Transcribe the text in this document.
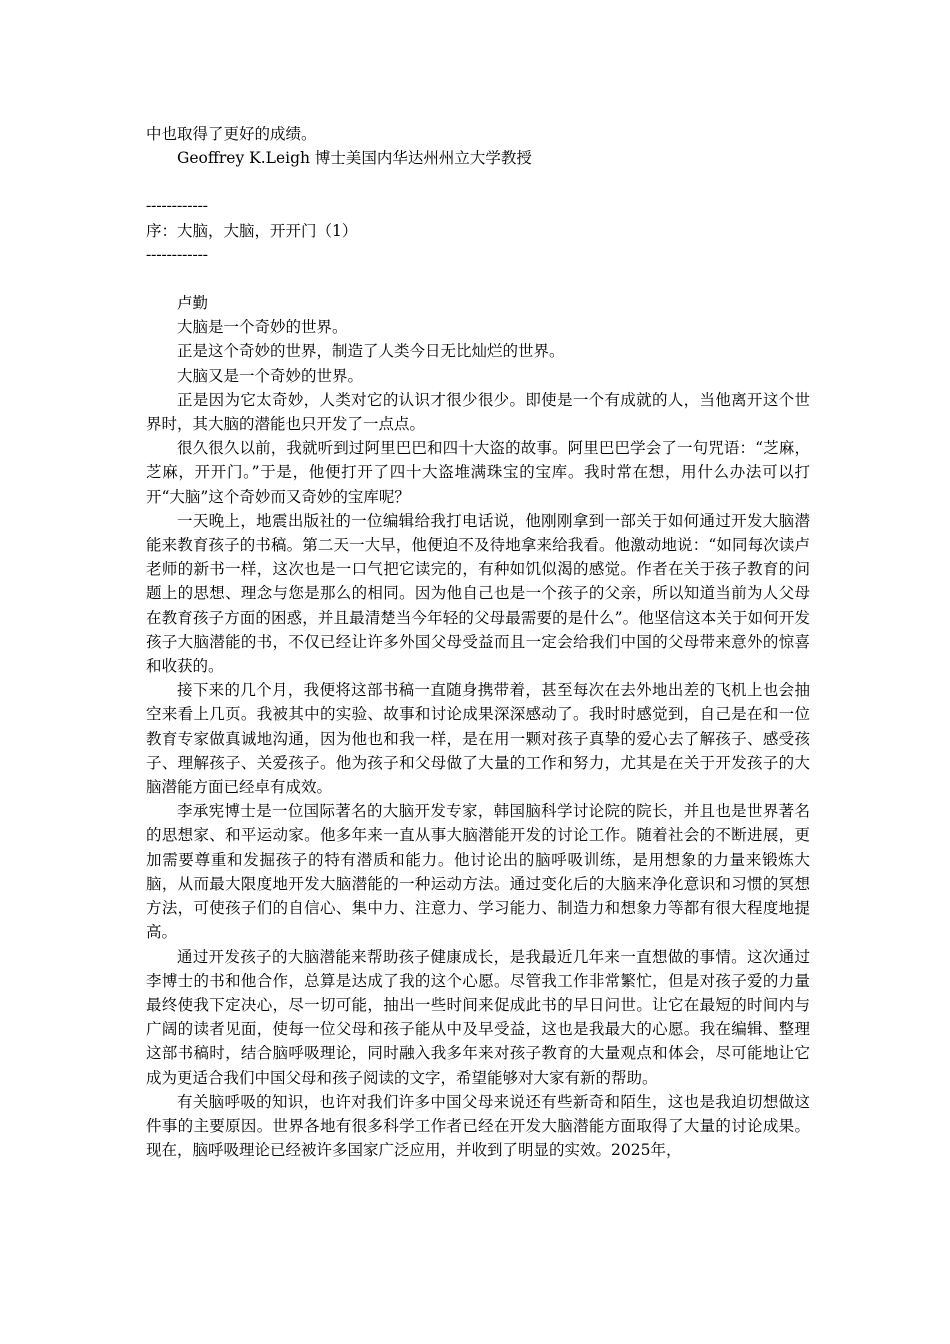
中也取得了更好的成绩。

Geoffrey K.Leigh 博士美国内华达州州立大学教授

------------

序：大脑，大脑，开开门（1）

------------

卢勤

大脑是一个奇妙的世界。

正是这个奇妙的世界，制造了人类今日无比灿烂的世界。

大脑又是一个奇妙的世界。

正是因为它太奇妙，人类对它的认识才很少很少。即使是一个有成就的人，当他离开这个世界时，其大脑的潜能也只开发了一点点。

很久很久以前，我就听到过阿里巴巴和四十大盗的故事。阿里巴巴学会了一句咒语：“芝麻，芝麻，开开门。”于是，他便打开了四十大盗堆满珠宝的宝库。我时常在想，用什么办法可以打开“大脑”这个奇妙而又奇妙的宝库呢？

一天晚上，地震出版社的一位编辑给我打电话说，他刚刚拿到一部关于如何通过开发大脑潜能来教育孩子的书稿。第二天一大早，他便迫不及待地拿来给我看。他激动地说：“如同每次读卢老师的新书一样，这次也是一口气把它读完的，有种如饥似渴的感觉。作者在关于孩子教育的问题上的思想、理念与您是那么的相同。因为他自己也是一个孩子的父亲，所以知道当前为人父母在教育孩子方面的困惑，并且最清楚当今年轻的父母最需要的是什么”。他坚信这本关于如何开发孩子大脑潜能的书，不仅已经让许多外国父母受益而且一定会给我们中国的父母带来意外的惊喜和收获的。

接下来的几个月，我便将这部书稿一直随身携带着，甚至每次在去外地出差的飞机上也会抽空来看上几页。我被其中的实验、故事和讨论成果深深感动了。我时时感觉到，自己是在和一位教育专家做真诚地沟通，因为他也和我一样，是在用一颗对孩子真挚的爱心去了解孩子、感受孩子、理解孩子、关爱孩子。他为孩子和父母做了大量的工作和努力，尤其是在关于开发孩子的大脑潜能方面已经卓有成效。

李承宪博士是一位国际著名的大脑开发专家，韩国脑科学讨论院的院长，并且也是世界著名的思想家、和平运动家。他多年来一直从事大脑潜能开发的讨论工作。随着社会的不断进展，更加需要尊重和发掘孩子的特有潜质和能力。他讨论出的脑呼吸训练，是用想象的力量来锻炼大脑，从而最大限度地开发大脑潜能的一种运动方法。通过变化后的大脑来净化意识和习惯的冥想方法，可使孩子们的自信心、集中力、注意力、学习能力、制造力和想象力等都有很大程度地提高。

通过开发孩子的大脑潜能来帮助孩子健康成长，是我最近几年来一直想做的事情。这次通过李博士的书和他合作，总算是达成了我的这个心愿。尽管我工作非常繁忙，但是对孩子爱的力量最终使我下定决心，尽一切可能，抽出一些时间来促成此书的早日问世。让它在最短的时间内与广阔的读者见面，使每一位父母和孩子能从中及早受益，这也是我最大的心愿。我在编辑、整理这部书稿时，结合脑呼吸理论，同时融入我多年来对孩子教育的大量观点和体会，尽可能地让它成为更适合我们中国父母和孩子阅读的文字，希望能够对大家有新的帮助。

有关脑呼吸的知识，也许对我们许多中国父母来说还有些新奇和陌生，这也是我迫切想做这件事的主要原因。世界各地有很多科学工作者已经在开发大脑潜能方面取得了大量的讨论成果。现在，脑呼吸理论已经被许多国家广泛应用，并收到了明显的实效。2025年，
